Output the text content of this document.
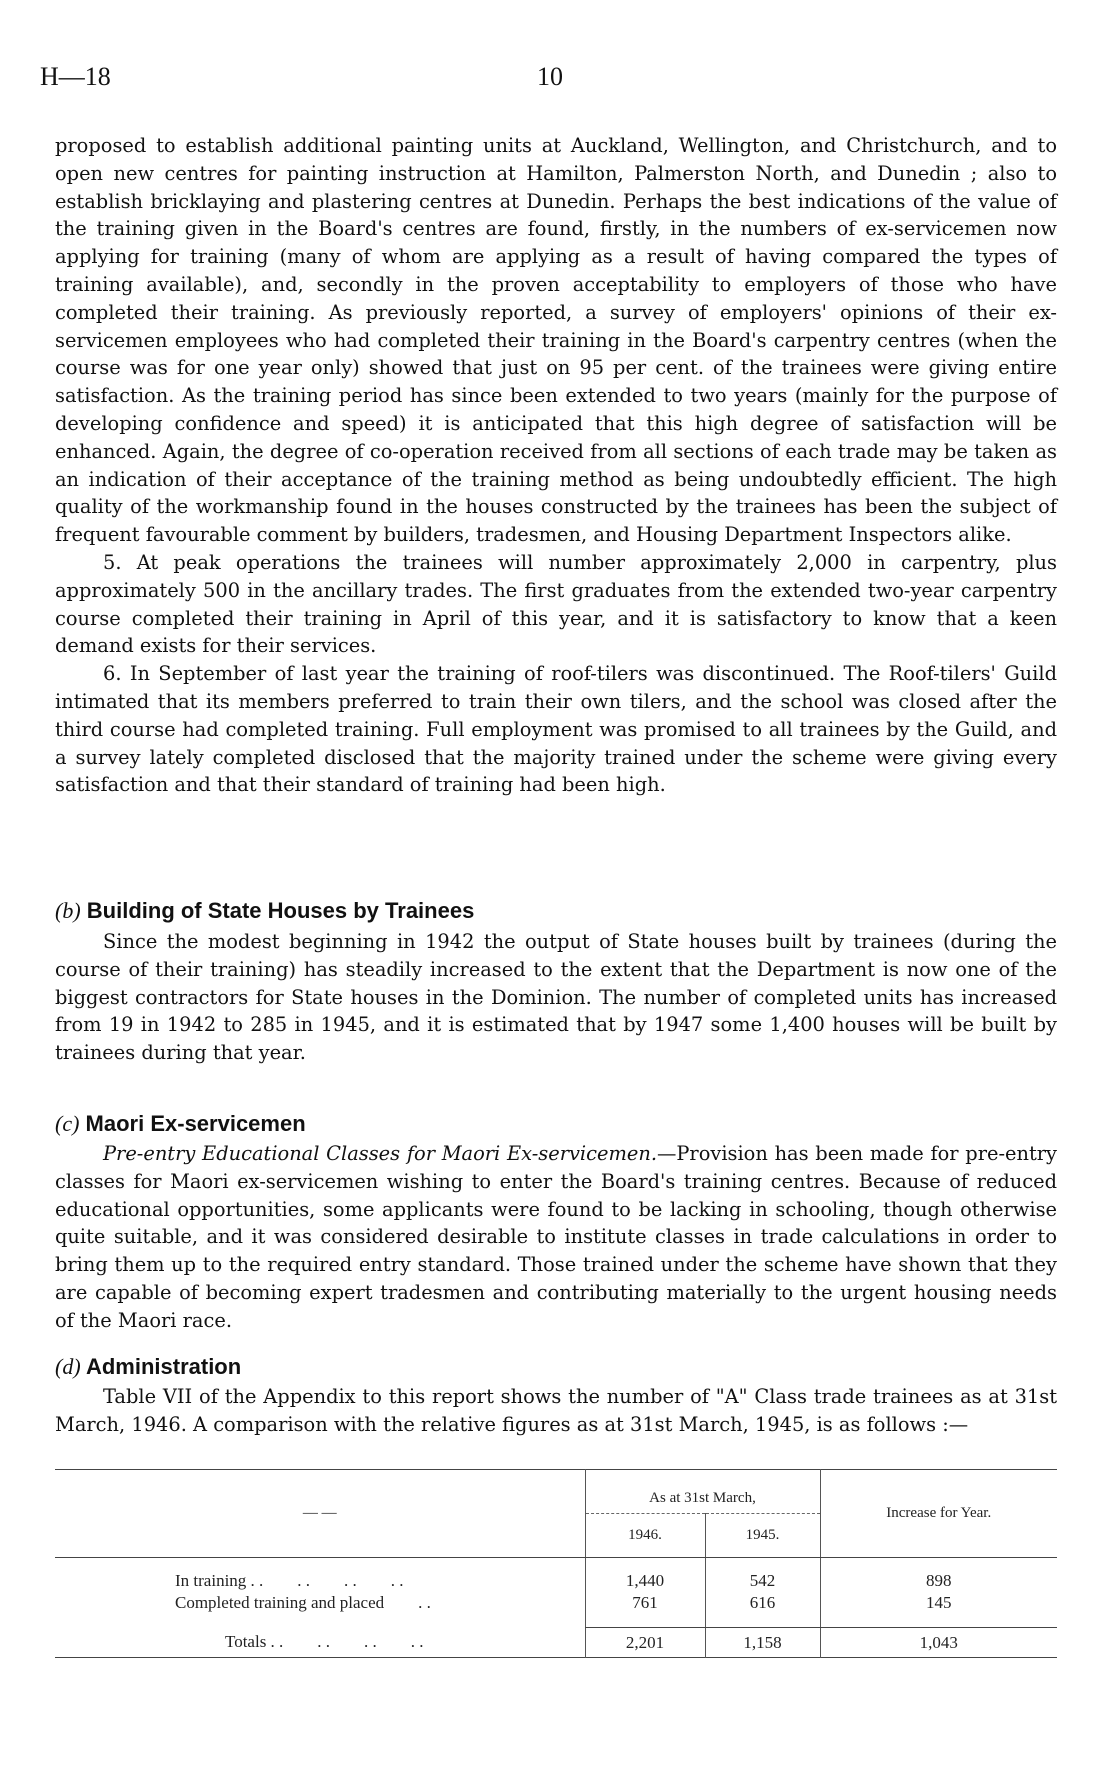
H—18	10

proposed to establish additional painting units at Auckland, Wellington, and Christchurch, and to open new centres for painting instruction at Hamilton, Palmerston North, and Dunedin ; also to establish bricklaying and plastering centres at Dunedin. Perhaps the best indications of the value of the training given in the Board's centres are found, firstly, in the numbers of ex-servicemen now applying for training (many of whom are applying as a result of having compared the types of training available), and, secondly in the proven acceptability to employers of those who have completed their training. As previously reported, a survey of employers' opinions of their ex-servicemen employees who had completed their training in the Board's carpentry centres (when the course was for one year only) showed that just on 95 per cent. of the trainees were giving entire satisfaction. As the training period has since been extended to two years (mainly for the purpose of developing confidence and speed) it is anticipated that this high degree of satisfaction will be enhanced. Again, the degree of co-operation received from all sections of each trade may be taken as an indication of their acceptance of the training method as being undoubtedly efficient. The high quality of the workmanship found in the houses constructed by the trainees has been the subject of frequent favourable comment by builders, tradesmen, and Housing Department Inspectors alike.

5. At peak operations the trainees will number approximately 2,000 in carpentry, plus approximately 500 in the ancillary trades. The first graduates from the extended two-year carpentry course completed their training in April of this year, and it is satisfactory to know that a keen demand exists for their services.

6. In September of last year the training of roof-tilers was discontinued. The Roof-tilers' Guild intimated that its members preferred to train their own tilers, and the school was closed after the third course had completed training. Full employment was promised to all trainees by the Guild, and a survey lately completed disclosed that the majority trained under the scheme were giving every satisfaction and that their standard of training had been high.

(b) Building of State Houses by Trainees

Since the modest beginning in 1942 the output of State houses built by trainees (during the course of their training) has steadily increased to the extent that the Department is now one of the biggest contractors for State houses in the Dominion. The number of completed units has increased from 19 in 1942 to 285 in 1945, and it is estimated that by 1947 some 1,400 houses will be built by trainees during that year.

(c) Maori Ex-servicemen

Pre-entry Educational Classes for Maori Ex-servicemen.—Provision has been made for pre-entry classes for Maori ex-servicemen wishing to enter the Board's training centres. Because of reduced educational opportunities, some applicants were found to be lacking in schooling, though otherwise quite suitable, and it was considered desirable to institute classes in trade calculations in order to bring them up to the required entry standard. Those trained under the scheme have shown that they are capable of becoming expert tradesmen and contributing materially to the urgent housing needs of the Maori race.

(d) Administration

Table VII of the Appendix to this report shows the number of "A" Class trade trainees as at 31st March, 1946. A comparison with the relative figures as at 31st March, 1945, is as follows :—

— —	As at 31st March,		Increase for Year.
	1946.	1945.	

In training . .        . .        . .        . .	1,440	542	898
Completed training and placed        . .	761	616	145

Totals . .        . .        . .        . .	2,201	1,158	1,043
